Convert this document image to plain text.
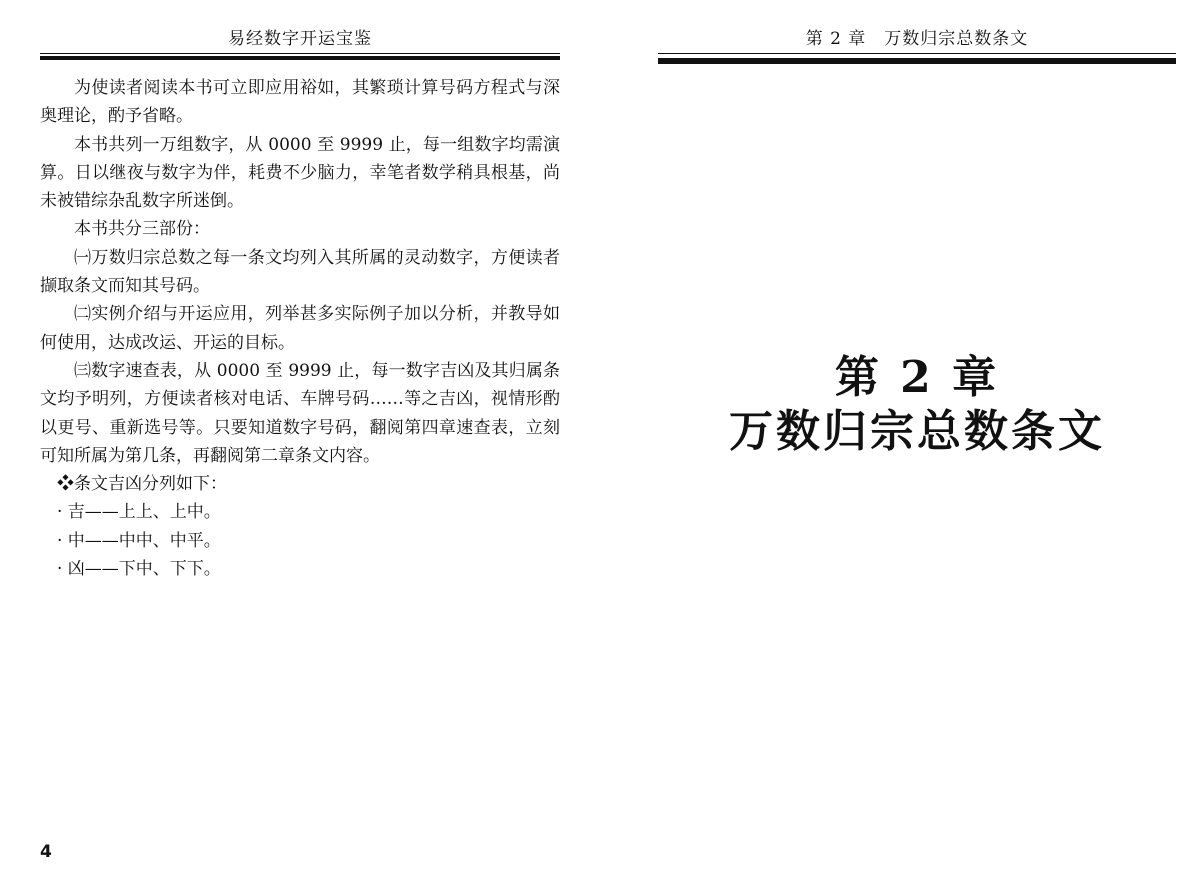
易经数字开运宝鉴

为使读者阅读本书可立即应用裕如，其繁琐计算号码方程式与深奥理论，酌予省略。

本书共列一万组数字，从 0000 至 9999 止，每一组数字均需演算。日以继夜与数字为伴，耗费不少脑力，幸笔者数学稍具根基，尚未被错综杂乱数字所迷倒。

本书共分三部份：

㈠万数归宗总数之每一条文均列入其所属的灵动数字，方便读者撷取条文而知其号码。

㈡实例介绍与开运应用，列举甚多实际例子加以分析，并教导如何使用，达成改运、开运的目标。

㈢数字速查表，从 0000 至 9999 止，每一数字吉凶及其归属条文均予明列，方便读者核对电话、车牌号码……等之吉凶，视情形酌以更号、重新选号等。只要知道数字号码，翻阅第四章速查表，立刻可知所属为第几条，再翻阅第二章条文内容。

❖条文吉凶分列如下：

· 吉——上上、上中。

· 中——中中、中平。

· 凶——下中、下下。

4
第 2 章　万数归宗总数条文
第 2 章
万数归宗总数条文
